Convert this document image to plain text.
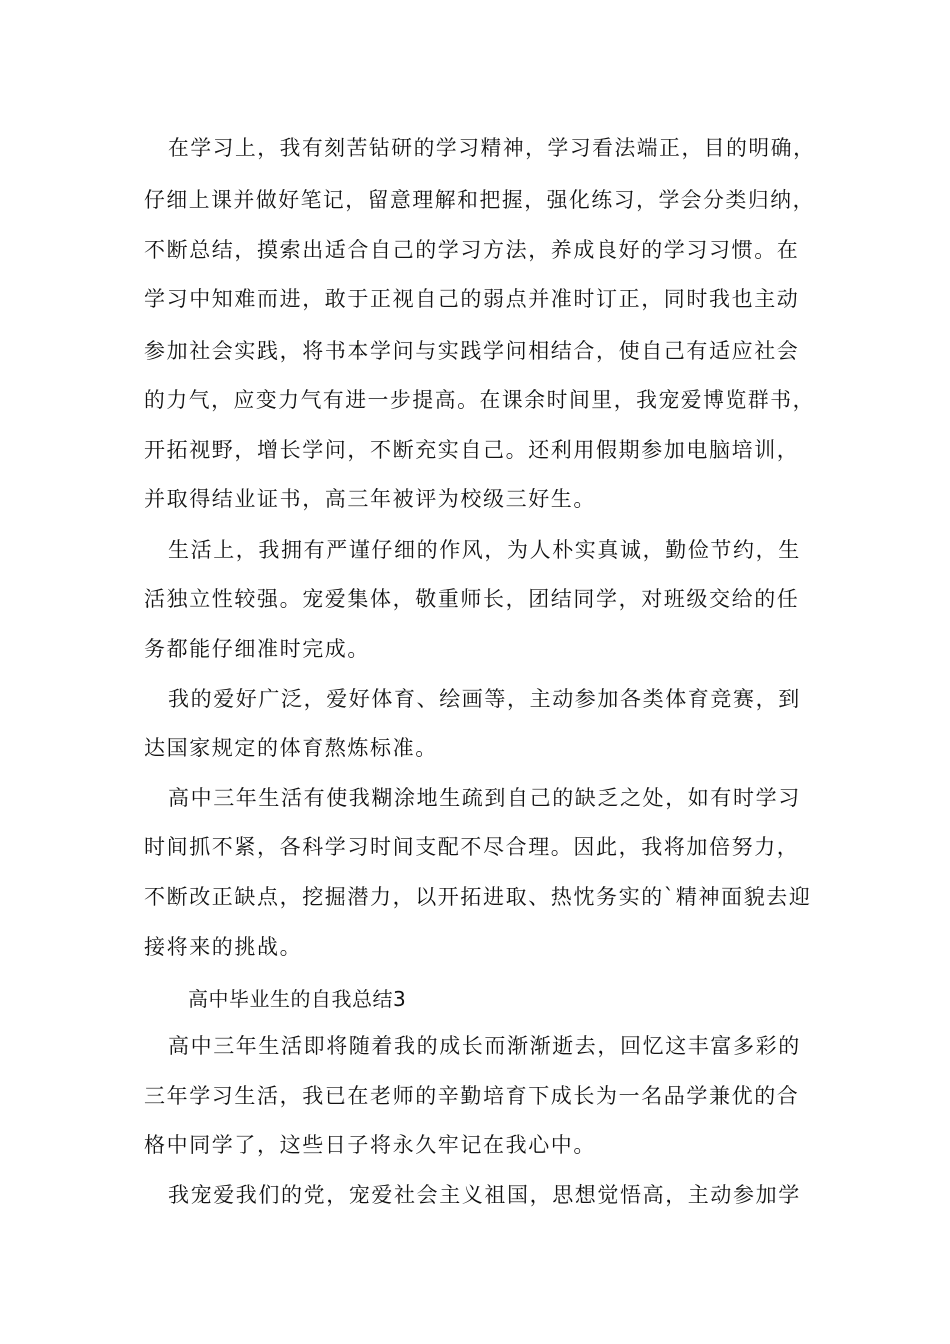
在学习上，我有刻苦钻研的学习精神，学习看法端正，目的明确，
仔细上课并做好笔记，留意理解和把握，强化练习，学会分类归纳，
不断总结，摸索出适合自己的学习方法，养成良好的学习习惯。在
学习中知难而进，敢于正视自己的弱点并准时订正，同时我也主动
参加社会实践，将书本学问与实践学问相结合，使自己有适应社会
的力气，应变力气有进一步提高。在课余时间里，我宠爱博览群书，
开拓视野，增长学问，不断充实自己。还利用假期参加电脑培训，
并取得结业证书，高三年被评为校级三好生。
生活上，我拥有严谨仔细的作风，为人朴实真诚，勤俭节约，生
活独立性较强。宠爱集体，敬重师长，团结同学，对班级交给的任
务都能仔细准时完成。
我的爱好广泛，爱好体育、绘画等，主动参加各类体育竞赛，到
达国家规定的体育熬炼标准。
高中三年生活有使我糊涂地生疏到自己的缺乏之处，如有时学习
时间抓不紧，各科学习时间支配不尽合理。因此，我将加倍努力，
不断改正缺点，挖掘潜力，以开拓进取、热忱务实的`精神面貌去迎
接将来的挑战。
高中毕业生的自我总结3
高中三年生活即将随着我的成长而渐渐逝去，回忆这丰富多彩的
三年学习生活，我已在老师的辛勤培育下成长为一名品学兼优的合
格中同学了，这些日子将永久牢记在我心中。
我宠爱我们的党，宠爱社会主义祖国，思想觉悟高，主动参加学
